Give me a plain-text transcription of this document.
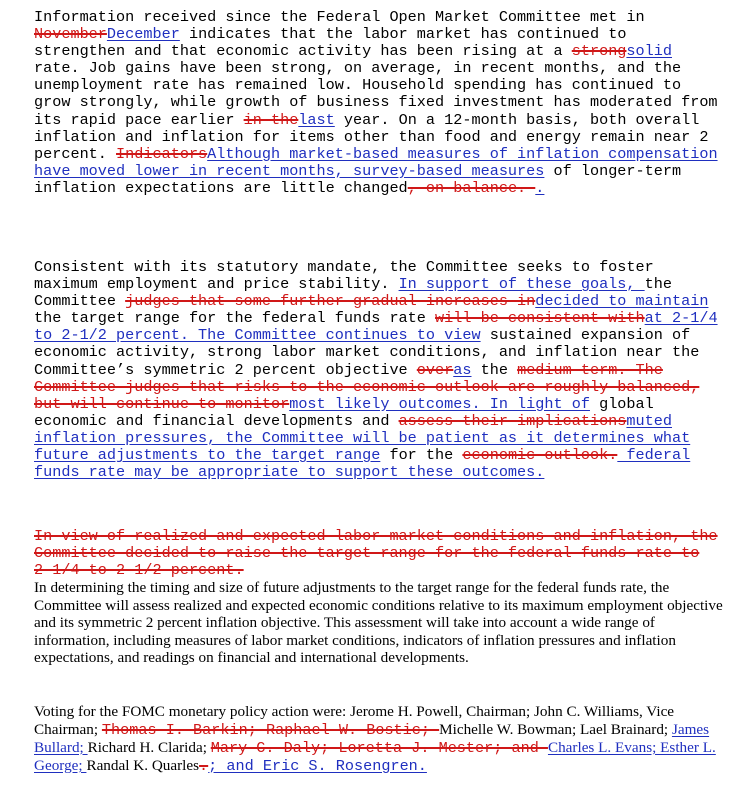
Information received since the Federal Open Market Committee met in NovemberDecember indicates that the labor market has continued to strengthen and that economic activity has been rising at a strongsolid rate. Job gains have been strong, on average, in recent months, and the unemployment rate has remained low. Household spending has continued to grow strongly, while growth of business fixed investment has moderated from its rapid pace earlier in thelast year. On a 12-month basis, both overall inflation and inflation for items other than food and energy remain near 2 percent. IndicatorsAlthough market-based measures of inflation compensation have moved lower in recent months, survey-based measures of longer-term inflation expectations are little changed, on balance. .

Consistent with its statutory mandate, the Committee seeks to foster maximum employment and price stability. In support of these goals, the Committee judges that some further gradual increases indecided to maintain the target range for the federal funds rate will be consistent withat 2-1/4 to 2-1/2 percent. The Committee continues to view sustained expansion of economic activity, strong labor market conditions, and inflation near the Committee’s symmetric 2 percent objective overas the medium term. The Committee judges that risks to the economic outlook are roughly balanced, but will continue to monitormost likely outcomes. In light of global economic and financial developments and assess their implicationsmuted inflation pressures, the Committee will be patient as it determines what future adjustments to the target range for the economic outlook. federal funds rate may be appropriate to support these outcomes.

In view of realized and expected labor market conditions and inflation, the Committee decided to raise the target range for the federal funds rate to 2-1/4 to 2-1/2 percent.
In determining the timing and size of future adjustments to the target range for the federal funds rate, the Committee will assess realized and expected economic conditions relative to its maximum employment objective and its symmetric 2 percent inflation objective. This assessment will take into account a wide range of information, including measures of labor market conditions, indicators of inflation pressures and inflation expectations, and readings on financial and international developments.

Voting for the FOMC monetary policy action were: Jerome H. Powell, Chairman; John C. Williams, Vice Chairman; Thomas I. Barkin; Raphael W. Bostic; Michelle W. Bowman; Lael Brainard; James Bullard; Richard H. Clarida; Mary C. Daly; Loretta J. Mester; and Charles L. Evans; Esther L. George; Randal K. Quarles.; and Eric S. Rosengren.
